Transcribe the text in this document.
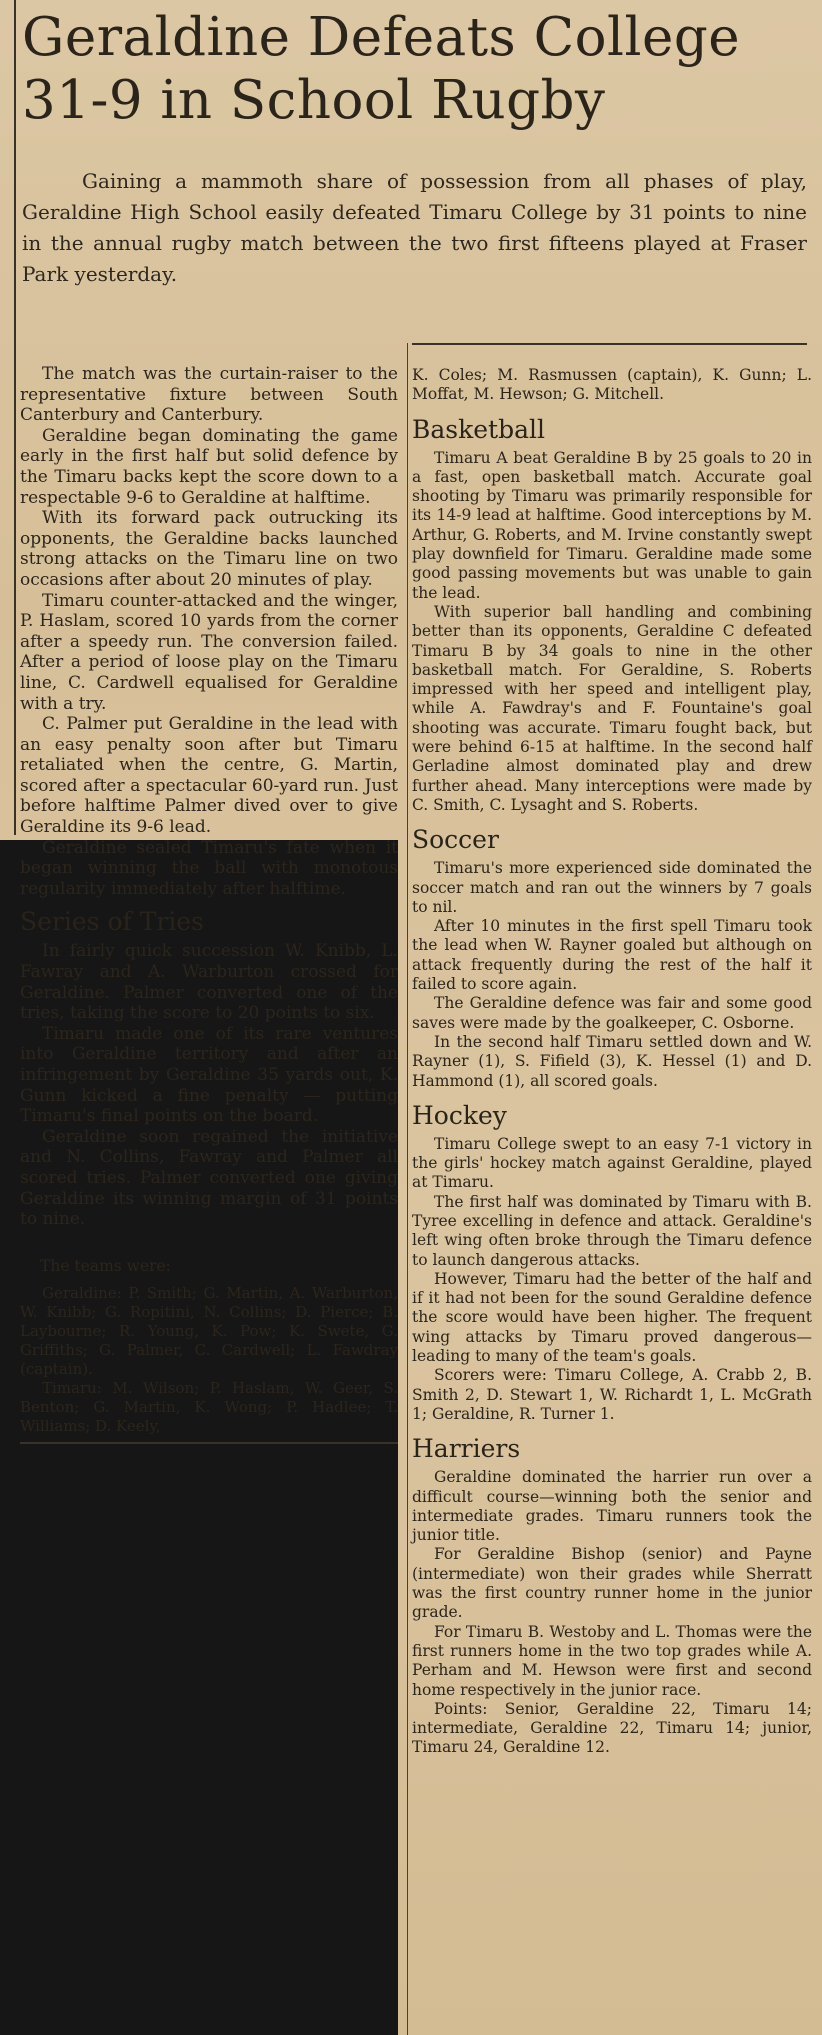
Geraldine Defeats College 31-9 in School Rugby

Gaining a mammoth share of possession from all phases of play, Geraldine High School easily defeated Timaru College by 31 points to nine in the annual rugby match between the two first fifteens played at Fraser Park yesterday.

The match was the curtain-raiser to the representative fixture between South Canterbury and Canterbury.

Geraldine began dominating the game early in the first half but solid defence by the Timaru backs kept the score down to a respectable 9-6 to Geraldine at halftime.

With its forward pack outrucking its opponents, the Geraldine backs launched strong attacks on the Timaru line on two occasions after about 20 minutes of play.

Timaru counter-attacked and the winger, P. Haslam, scored 10 yards from the corner after a speedy run. The conversion failed. After a period of loose play on the Timaru line, C. Cardwell equalised for Geraldine with a try.

C. Palmer put Geraldine in the lead with an easy penalty soon after but Timaru retaliated when the centre, G. Martin, scored after a spectacular 60-yard run. Just before halftime Palmer dived over to give Geraldine its 9-6 lead.

Geraldine sealed Timaru's fate when it began winning the ball with monotous regularity immediately after halftime.

Series of Tries

In fairly quick succession W. Knibb, L. Fawray and A. Warburton crossed for Geraldine. Palmer converted one of the tries, taking the score to 20 points to six.

Timaru made one of its rare ventures into Geraldine territory and after an infringement by Geraldine 35 yards out, K. Gunn kicked a fine penalty — putting Timaru's final points on the board.

Geraldine soon regained the initiative and N. Collins, Fawray and Palmer all scored tries. Palmer converted one giving Geraldine its winning margin of 31 points to nine.

The teams were:

Geraldine: P. Smith; G. Martin, A. Warburton, W. Knibb; G. Ropitini, N. Collins; D. Pierce; B. Laybourne; R. Young, K. Pow; K. Swete, G. Griffiths; G. Palmer, C. Cardwell; L. Fawdray (captain).

Timaru: M. Wilson; P. Haslam, W. Geer, S. Benton; G. Martin, K. Wong; P. Hadlee; T. Williams; D. Keely,

K. Coles; M. Rasmussen (captain), K. Gunn; L. Moffat, M. Hewson; G. Mitchell.

Basketball

Timaru A beat Geraldine B by 25 goals to 20 in a fast, open basketball match. Accurate goal shooting by Timaru was primarily responsible for its 14-9 lead at halftime. Good interceptions by M. Arthur, G. Roberts, and M. Irvine constantly swept play downfield for Timaru. Geraldine made some good passing movements but was unable to gain the lead.

With superior ball handling and combining better than its opponents, Geraldine C defeated Timaru B by 34 goals to nine in the other basketball match. For Geraldine, S. Roberts impressed with her speed and intelligent play, while A. Fawdray's and F. Fountaine's goal shooting was accurate. Timaru fought back, but were behind 6-15 at halftime. In the second half Gerladine almost dominated play and drew further ahead. Many interceptions were made by C. Smith, C. Lysaght and S. Roberts.

Soccer

Timaru's more experienced side dominated the soccer match and ran out the winners by 7 goals to nil.

After 10 minutes in the first spell Timaru took the lead when W. Rayner goaled but although on attack frequently during the rest of the half it failed to score again.

The Geraldine defence was fair and some good saves were made by the goalkeeper, C. Osborne.

In the second half Timaru settled down and W. Rayner (1), S. Fifield (3), K. Hessel (1) and D. Hammond (1), all scored goals.

Hockey

Timaru College swept to an easy 7-1 victory in the girls' hockey match against Geraldine, played at Timaru.

The first half was dominated by Timaru with B. Tyree excelling in defence and attack. Geraldine's left wing often broke through the Timaru defence to launch dangerous attacks.

However, Timaru had the better of the half and if it had not been for the sound Geraldine defence the score would have been higher. The frequent wing attacks by Timaru proved dangerous—leading to many of the team's goals.

Scorers were: Timaru College, A. Crabb 2, B. Smith 2, D. Stewart 1, W. Richardt 1, L. McGrath 1; Geraldine, R. Turner 1.

Harriers

Geraldine dominated the harrier run over a difficult course—winning both the senior and intermediate grades. Timaru runners took the junior title.

For Geraldine Bishop (senior) and Payne (intermediate) won their grades while Sherratt was the first country runner home in the junior grade.

For Timaru B. Westoby and L. Thomas were the first runners home in the two top grades while A. Perham and M. Hewson were first and second home respectively in the junior race.

Points: Senior, Geraldine 22, Timaru 14; intermediate, Geraldine 22, Timaru 14; junior, Timaru 24, Geraldine 12.
